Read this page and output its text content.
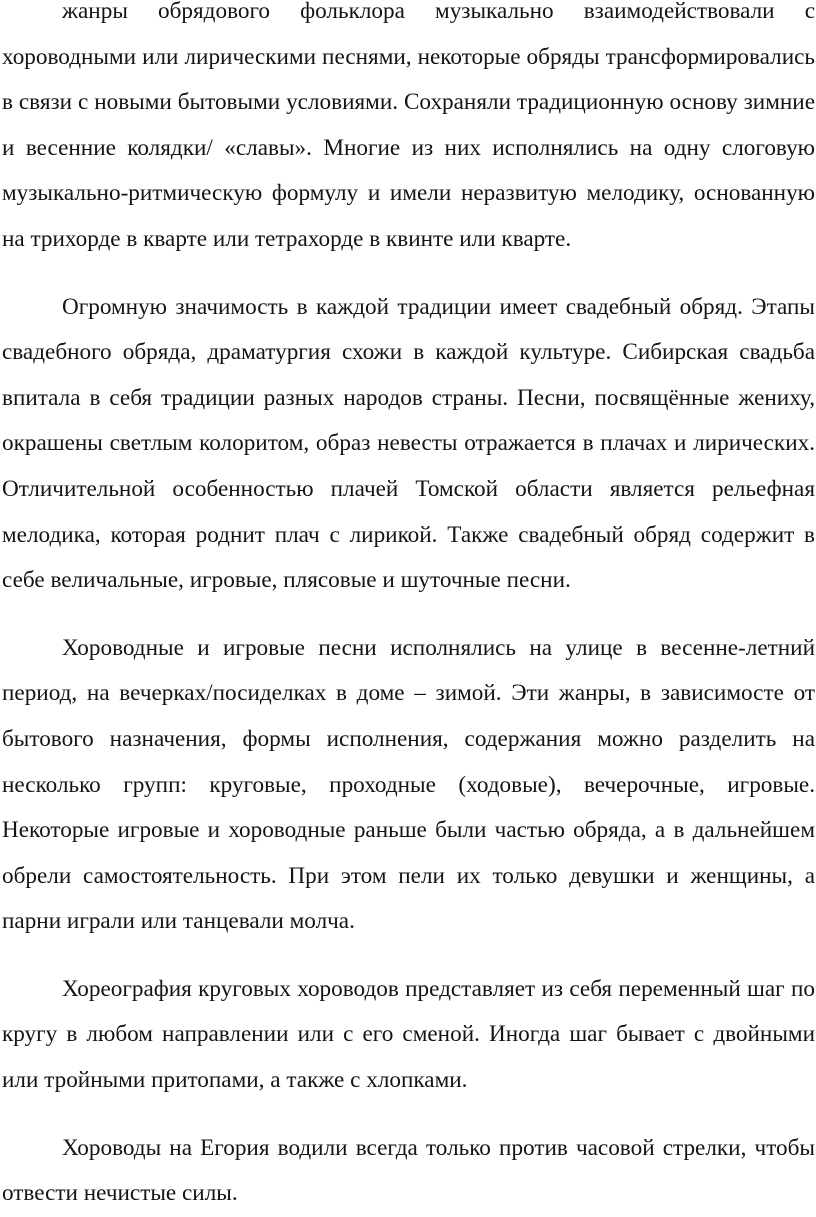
жанры обрядового фольклора музыкально взаимодействовали с хороводными или лирическими песнями, некоторые обряды трансформировались в связи с новыми бытовыми условиями. Сохраняли традиционную основу зимние и весенние колядки/ «славы». Многие из них исполнялись на одну слоговую музыкально-ритмическую формулу и имели неразвитую мелодику, основанную на трихорде в кварте или тетрахорде в квинте или кварте.

Огромную значимость в каждой традиции имеет свадебный обряд. Этапы свадебного обряда, драматургия схожи в каждой культуре. Сибирская свадьба впитала в себя традиции разных народов страны. Песни, посвящённые жениху, окрашены светлым колоритом, образ невесты отражается в плачах и лирических. Отличительной особенностью плачей Томской области является рельефная мелодика, которая роднит плач с лирикой. Также свадебный обряд содержит в себе величальные, игровые, плясовые и шуточные песни.

Хороводные и игровые песни исполнялись на улице в весенне-летний период, на вечерках/посиделках в доме – зимой. Эти жанры, в зависимосте от бытового назначения, формы исполнения, содержания можно разделить на несколько групп: круговые, проходные (ходовые), вечерочные, игровые. Некоторые игровые и хороводные раньше были частью обряда, а в дальнейшем обрели самостоятельность. При этом пели их только девушки и женщины, а парни играли или танцевали молча.

Хореография круговых хороводов представляет из себя переменный шаг по кругу в любом направлении или с его сменой. Иногда шаг бывает с двойными или тройными притопами, а также с хлопками.

Хороводы на Егория водили всегда только против часовой стрелки, чтобы отвести нечистые силы.
